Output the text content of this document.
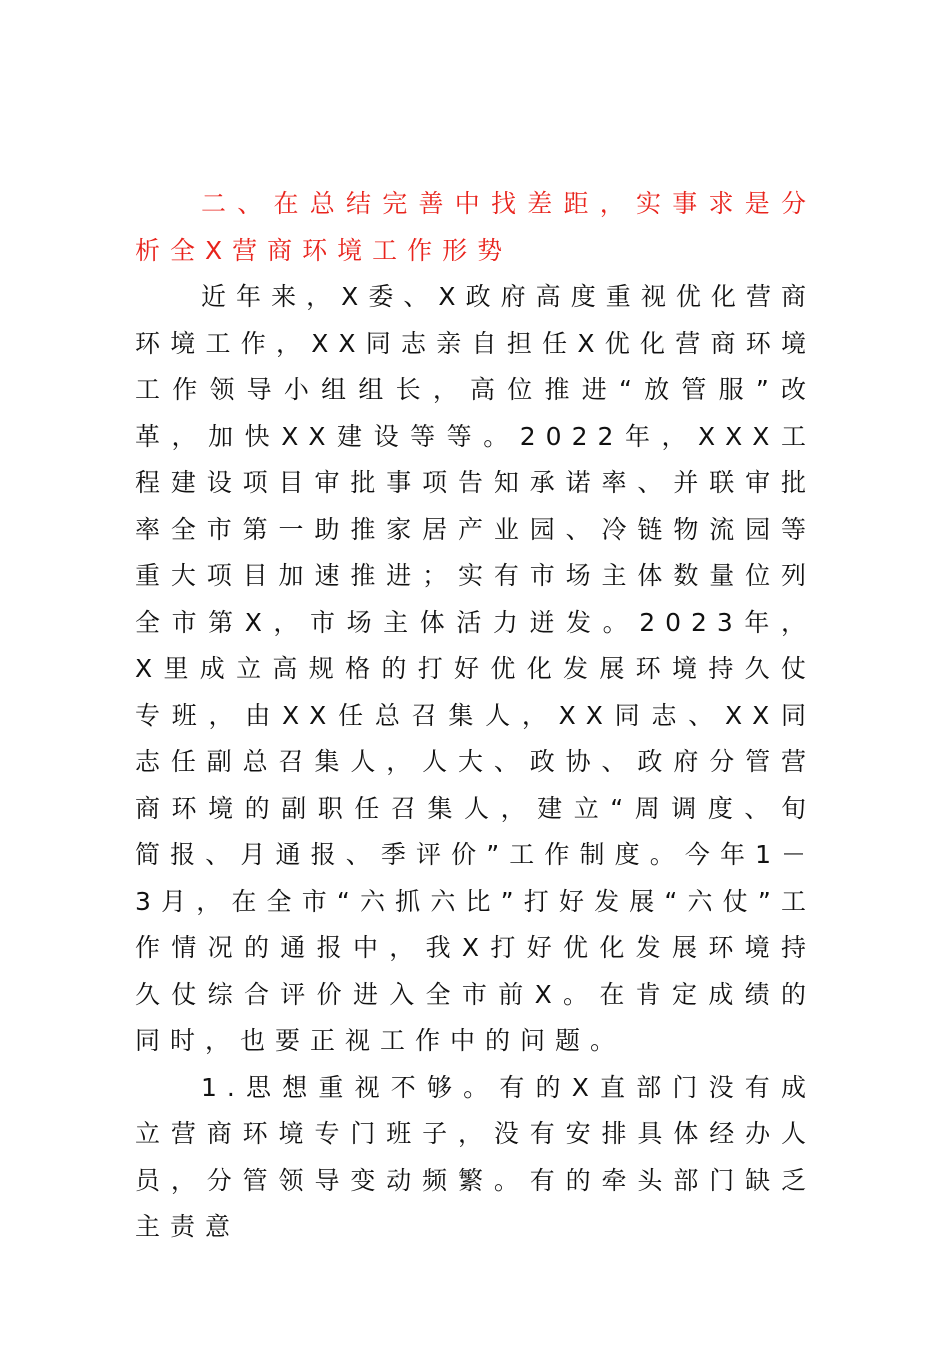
二、在总结完善中找差距，实事求是分析全X营商环境工作形势

近年来，X委、X政府高度重视优化营商环境工作，XX同志亲自担任X优化营商环境工作领导小组组长，高位推进“放管服”改革，加快XX建设等等。2022年，XXX工程建设项目审批事项告知承诺率、并联审批率全市第一助推家居产业园、冷链物流园等重大项目加速推进；实有市场主体数量位列全市第X，市场主体活力迸发。2023年，X里成立高规格的打好优化发展环境持久仗专班，由XX任总召集人，XX同志、XX同志任副总召集人，人大、政协、政府分管营商环境的副职任召集人，建立“周调度、旬简报、月通报、季评价”工作制度。今年1－3月，在全市“六抓六比”打好发展“六仗”工作情况的通报中，我X打好优化发展环境持久仗综合评价进入全市前X。在肯定成绩的同时，也要正视工作中的问题。

1.思想重视不够。有的X直部门没有成立营商环境专门班子，没有安排具体经办人员，分管领导变动频繁。有的牵头部门缺乏主责意
